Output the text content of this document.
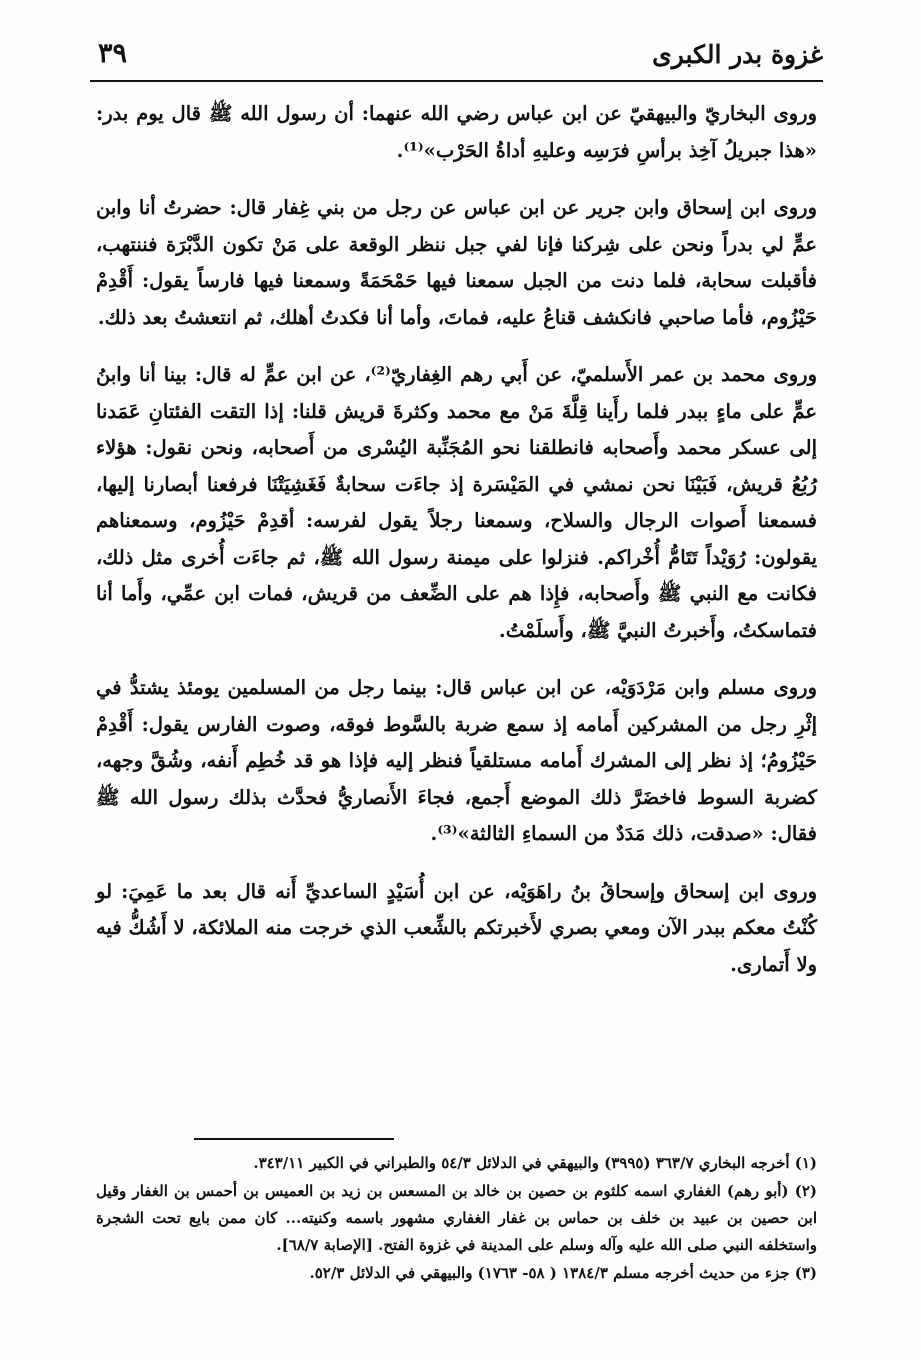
غزوة بدر الكبرى
٣٩

وروى البخاريّ والبيهقيّ عن ابن عباس رضي الله عنهما: أن رسول الله ﷺ قال يوم بدر: «هذا جبريلُ آخِذ برأسِ فرَسِه وعليهِ أداةُ الحَرْب»⁽¹⁾.

وروى ابن إسحاق وابن جرير عن ابن عباس عن رجل من بني غِفار قال: حضرتُ أنا وابن عمٍّ لي بدراً ونحن على شِركنا فإنا لفي جبل ننظر الوقعة على مَنْ تكون الدَّبْرَة فننتهب، فأقبلت سحابة، فلما دنت من الجبل سمعنا فيها حَمْحَمَةً وسمعنا فيها فارساً يقول: أَقْدِمْ حَيْزُوم، فأما صاحبي فانكشف قناعُ عليه، فماتَ، وأما أنا فكدتُ أهلك، ثم انتعشتُ بعد ذلك.

وروى محمد بن عمر الأَسلميّ، عن أَبي رهم الغِفاريّ⁽²⁾، عن ابن عمٍّ له قال: بينا أنا وابنُ عمٍّ على ماءٍ ببدر فلما رأَينا قِلَّةَ مَنْ مع محمد وكثرةَ قريش قلنا: إذا التقت الفئتانِ عَمَدنا إلى عسكر محمد وأَصحابه فانطلقنا نحو المُجَنِّبة اليُسْرى من أَصحابه، ونحن نقول: هؤلاء رُبُعُ قريش، فَبَيْنَا نحن نمشي في المَيْسَرة إذ جاءَت سحابةٌ فَغَشِيَتْنَا فرفعنا أبصارنا إليها، فسمعنا أَصوات الرجال والسلاح، وسمعنا رجلاً يقول لفرسه: أقدِمْ حَيْزُوم، وسمعناهم يقولون: رُوَيْداً تَتَامُّ أُخْراكم. فنزلوا على ميمنة رسول الله ﷺ، ثم جاءَت أُخرى مثل ذلك، فكانت مع النبي ﷺ وأَصحابه، فإِذا هم على الضِّعف من قريش، فمات ابن عمِّي، وأَما أنا فتماسكتُ، وأَخبرتُ النبيَّ ﷺ، وأَسلَمْتُ.

وروى مسلم وابن مَرْدَوَيْه، عن ابن عباس قال: بينما رجل من المسلمين يومئذ يشتدُّ في إثْرِ رجل من المشركين أَمامه إذ سمع ضربة بالسَّوط فوقه، وصوت الفارس يقول: أَقْدِمْ حَيْزُومُ؛ إذ نظر إلى المشرك أَمامه مستلقياً فنظر إليه فإذا هو قد خُطِم أَنفه، وشُقَّ وجهه، كضربة السوط فاخضَرَّ ذلك الموضع أَجمع، فجاءَ الأَنصاريُّ فحدَّث بذلك رسول الله ﷺ فقال: «صدقت، ذلك مَدَدٌ من السماءِ الثالثة»⁽³⁾.

وروى ابن إسحاق وإسحاقُ بنُ راهَوَيْه، عن ابن أُسَيْدٍ الساعديِّ أَنه قال بعد ما عَمِيَ: لو كُنْتُ معكم ببدر الآن ومعي بصري لأَخبرتكم بالشِّعب الذي خرجت منه الملائكة، لا أَشُكُّ فيه ولا أَتمارى.

(١) أخرجه البخاري ٣٦٣/٧ (٣٩٩٥) والبيهقي في الدلائل ٥٤/٣ والطبراني في الكبير ٣٤٣/١١.

(٢) (أبو رهم) الغفاري اسمه كلثوم بن حصين بن خالد بن المسعس بن زيد بن العميس بن أحمس بن الغفار وقيل ابن حصين بن عبيد بن خلف بن حماس بن غفار الغفاري مشهور باسمه وكنيته... كان ممن بايع تحت الشجرة واستخلفه النبي صلى الله عليه وآله وسلم على المدينة في غزوة الفتح. [الإصابة ٦٨/٧].

(٣) جزء من حديث أخرجه مسلم ١٣٨٤/٣ ( ٥٨- ١٧٦٣) والبيهقي في الدلائل ٥٢/٣.
